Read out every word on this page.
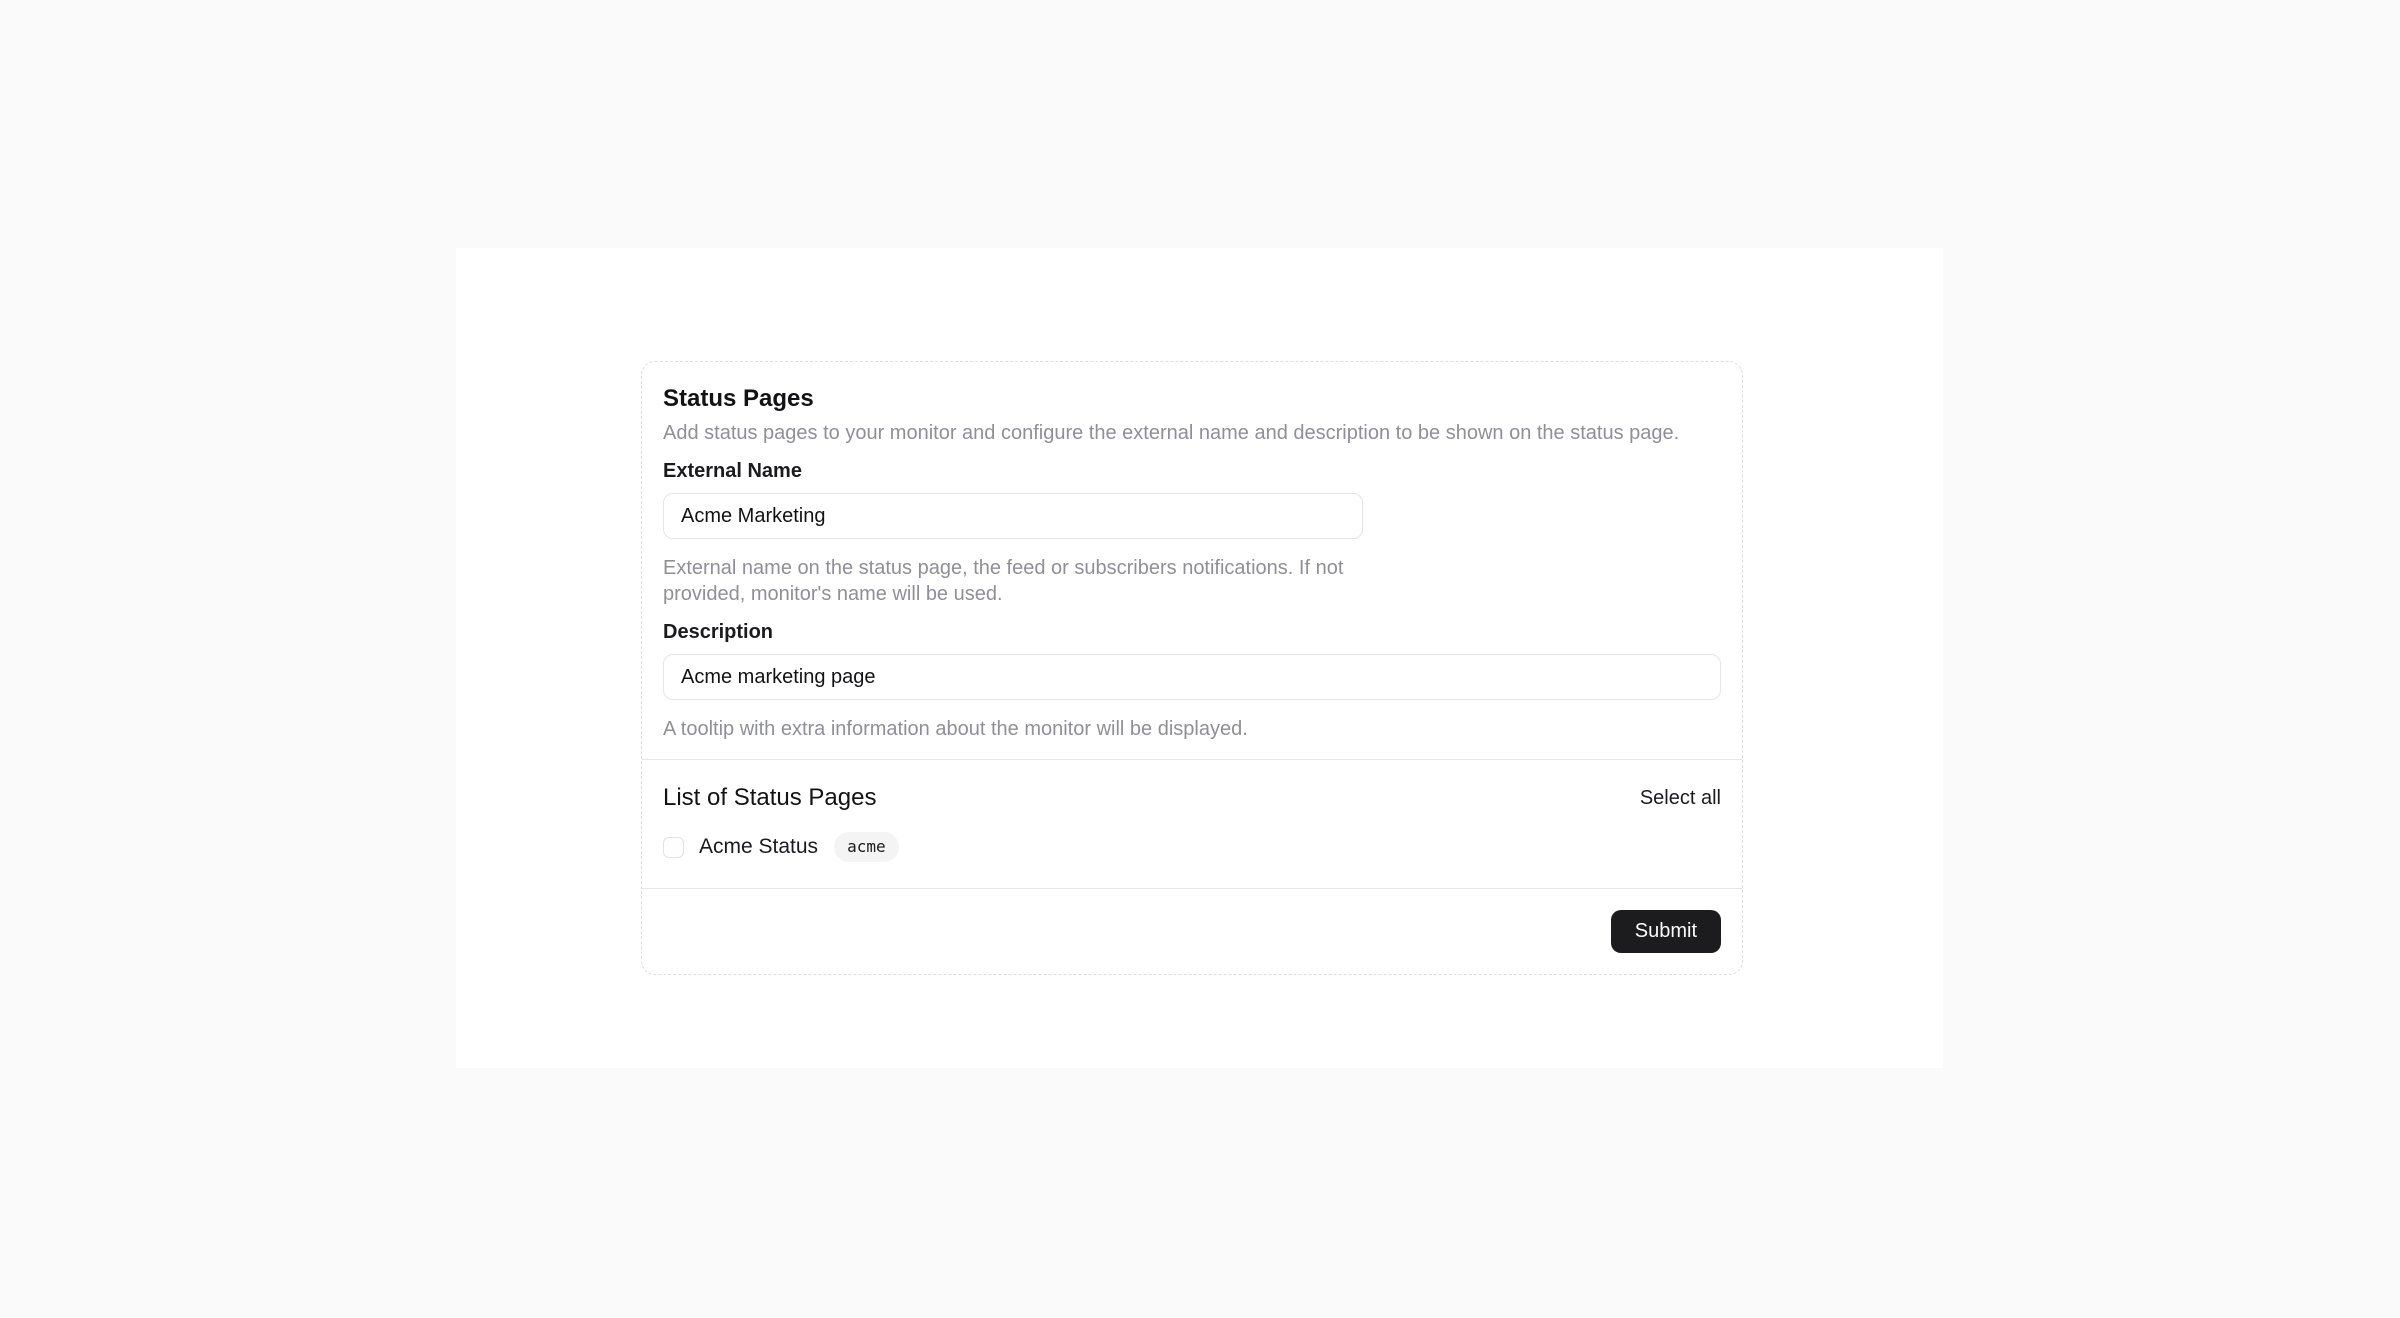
Status Pages

Add status pages to your monitor and configure the external name and description to be shown on the status page.

External Name
Acme Marketing

External name on the status page, the feed or subscribers notifications. If not provided, monitor's name will be used.

Description
Acme marketing page

A tooltip with extra information about the monitor will be displayed.

List of Status Pages	Select all
Acme Status	acme
Submit
